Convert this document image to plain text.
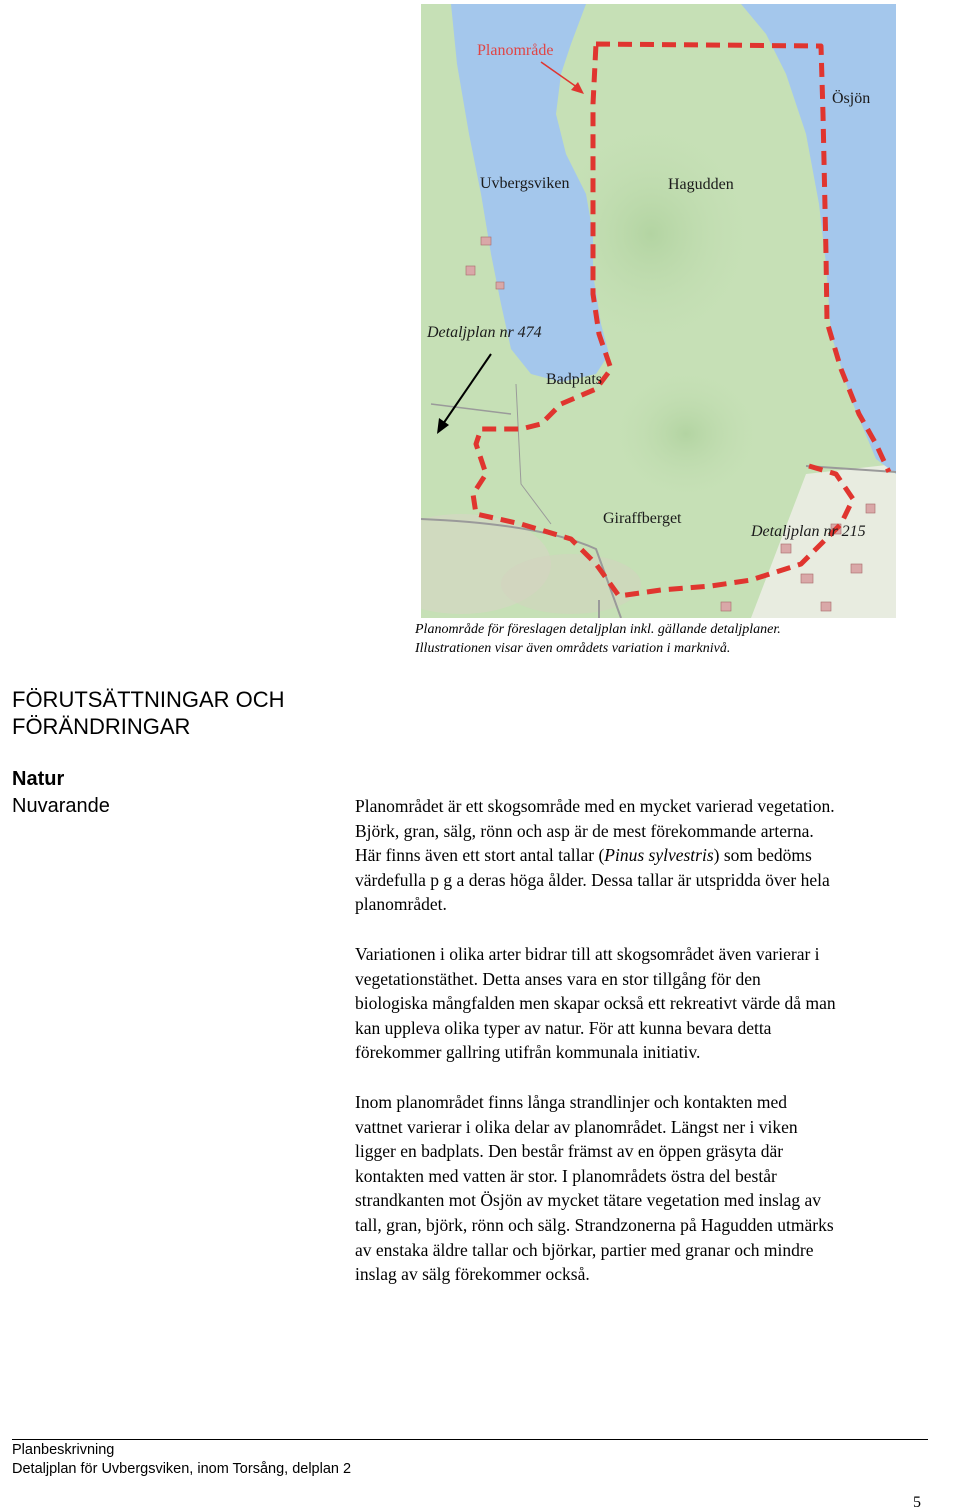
Planområde
Ösjön
Uvbergsviken	Hagudden
Detaljplan nr 474
Badplats
Giraffberget
Detaljplan nr 215
Planområde för föreslagen detaljplan inkl. gällande detaljplaner.
Illustrationen visar även områdets variation i marknivå.
FÖRUTSÄTTNINGAR OCH
FÖRÄNDRINGAR
Natur
Nuvarande	Planområdet är ett skogsområde med en mycket varierad vegetation.
Björk, gran, sälg, rönn och asp är de mest förekommande arterna.
Här finns även ett stort antal tallar (Pinus sylvestris) som bedöms
värdefulla p g a deras höga ålder. Dessa tallar är utspridda över hela
planområdet.
Variationen i olika arter bidrar till att skogsområdet även varierar i
vegetationstäthet. Detta anses vara en stor tillgång för den
biologiska mångfalden men skapar också ett rekreativt värde då man
kan uppleva olika typer av natur. För att kunna bevara detta
förekommer gallring utifrån kommunala initiativ.
Inom planområdet finns långa strandlinjer och kontakten med
vattnet varierar i olika delar av planområdet. Längst ner i viken
ligger en badplats. Den består främst av en öppen gräsyta där
kontakten med vatten är stor. I planområdets östra del består
strandkanten mot Ösjön av mycket tätare vegetation med inslag av
tall, gran, björk, rönn och sälg. Strandzonerna på Hagudden utmärks
av enstaka äldre tallar och björkar, partier med granar och mindre
inslag av sälg förekommer också.
Planbeskrivning
Detaljplan för Uvbergsviken, inom Torsång, delplan 2
5
